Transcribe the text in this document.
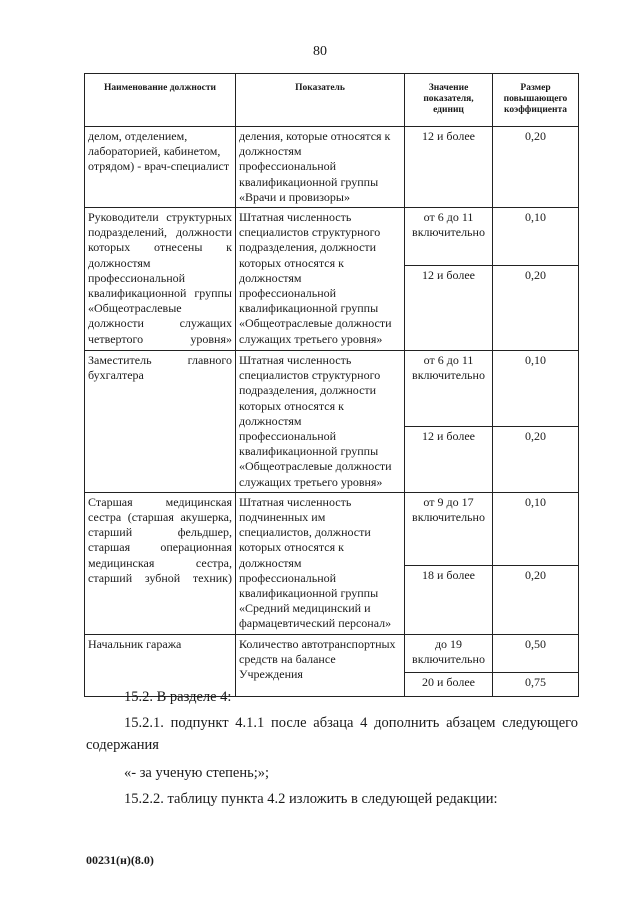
80
Наименование должности	Показатель	Значение показателя, единиц	Размер повышающего коэффициента
делом, отделением, лабораторией, кабинетом, отрядом) - врач-специалист	деления, которые относятся к должностям профессиональной квалификационной группы «Врачи и провизоры»	12 и более	0,20
Руководители структурных подразделений, должности которых отнесены к должностям профессиональной квалификационной группы «Общеотраслевые должности служащих четвертого уровня»	Штатная численность специалистов структурного подразделения, должности которых относятся к должностям профессиональной квалификационной группы «Общеотраслевые должности служащих третьего уровня»	от 6 до 11 включительно	0,10
		12 и более	0,20
Заместитель главного бухгалтера	Штатная численность специалистов структурного подразделения, должности которых относятся к должностям профессиональной квалификационной группы «Общеотраслевые должности служащих третьего уровня»	от 6 до 11 включительно	0,10
		12 и более	0,20
Старшая медицинская сестра (старшая акушерка, старший фельдшер, старшая операционная медицинская сестра, старший зубной техник)	Штатная численность подчиненных им специалистов, должности которых относятся к должностям профессиональной квалификационной группы «Средний медицинский и фармацевтический персонал»	от 9 до 17 включительно	0,10
		18 и более	0,20
Начальник гаража	Количество автотранспортных средств на балансе Учреждения	до 19 включительно	0,50
		20 и более	0,75
15.2. В разделе 4:
15.2.1. подпункт 4.1.1 после абзаца 4 дополнить абзацем следующего содержания
«- за ученую степень;»;
15.2.2. таблицу пункта 4.2 изложить в следующей редакции:
00231(н)(8.0)
